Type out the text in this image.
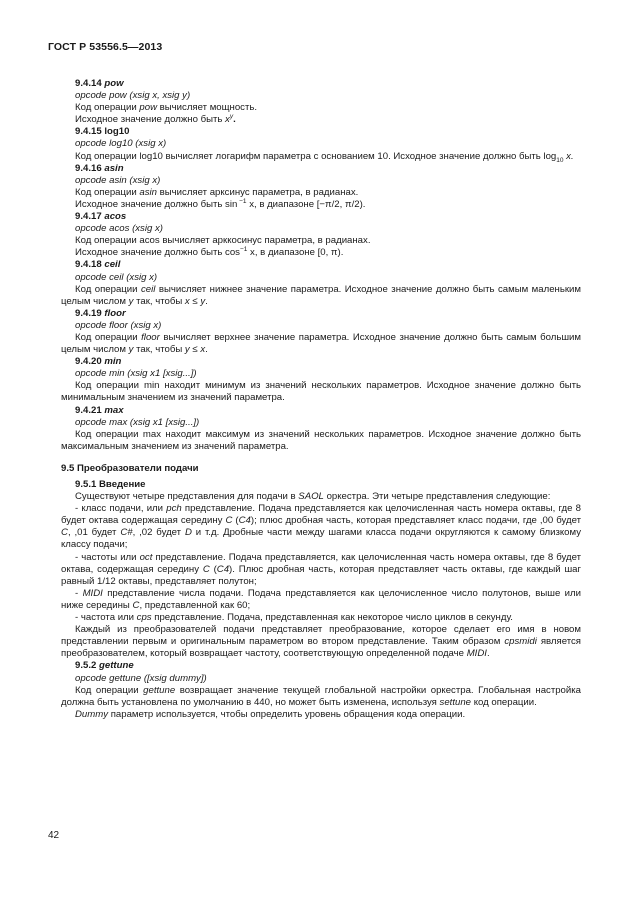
ГОСТ Р 53556.5—2013

9.4.14 pow

opcode pow (xsig x, xsig y)

Код операции pow вычисляет мощность.

Исходное значение должно быть $x^y$.

9.4.15 log10

opcode log10 (xsig x)

Код операции log10 вычисляет логарифм параметра с основанием 10. Исходное значение должно быть $\log_{10} x$.

9.4.16 asin

opcode asin (xsig x)

Код операции asin вычисляет арксинус параметра, в радианах.

Исходное значение должно быть sin $^{-1}$ x, в диапазоне [−π/2, π/2).

9.4.17 acos

opcode acos (xsig x)

Код операции acos вычисляет арккосинус параметра, в радианах.

Исходное значение должно быть $\cos^{-1} x$, в диапазоне [0, π).

9.4.18 ceil

opcode ceil (xsig x)

Код операции ceil вычисляет нижнее значение параметра. Исходное значение должно быть самым маленьким целым числом y так, чтобы x ≤ y.

9.4.19 floor

opcode floor (xsig x)

Код операции floor вычисляет верхнее значение параметра. Исходное значение должно быть самым большим целым числом y так, чтобы y ≤ x.

9.4.20 min

opcode min (xsig x1 [xsig...])

Код операции min находит минимум из значений нескольких параметров. Исходное значение должно быть минимальным значением из значений параметра.

9.4.21 max

opcode max (xsig x1 [xsig...])

Код операции max находит максимум из значений нескольких параметров. Исходное значение должно быть максимальным значением из значений параметра.

9.5 Преобразователи подачи

9.5.1 Введение

Существуют четыре представления для подачи в SAOL оркестра. Эти четыре представления следующие:

- класс подачи, или pch представление. Подача представляется как целочисленная часть номера октавы, где 8 будет октава содержащая середину C (C4); плюс дробная часть, которая представляет класс подачи, где ,00 будет C, ,01 будет C#, ,02 будет D и т.д. Дробные части между шагами класса подачи округляются к самому близкому классу подачи;

- частоты или oct представление. Подача представляется, как целочисленная часть номера октавы, где 8 будет октава, содержащая середину C (C4). Плюс дробная часть, которая представляет часть октавы, где каждый шаг равный 1/12 октавы, представляет полутон;

- MIDI представление числа подачи. Подача представляется как целочисленное число полутонов, выше или ниже середины C, представленной как 60;

- частота или cps представление. Подача, представленная как некоторое число циклов в секунду.

Каждый из преобразователей подачи представляет преобразование, которое сделает его имя в новом представлении первым и оригинальным параметром во втором представление. Таким образом cpsmidi является преобразователем, который возвращает частоту, соответствующую определенной подаче MIDI.

9.5.2 gettune

opcode gettune ([xsig dummy])

Код операции gettune возвращает значение текущей глобальной настройки оркестра. Глобальная настройка должна быть установлена по умолчанию в 440, но может быть изменена, используя settune код операции.

Dummy параметр используется, чтобы определить уровень обращения кода операции.

42
